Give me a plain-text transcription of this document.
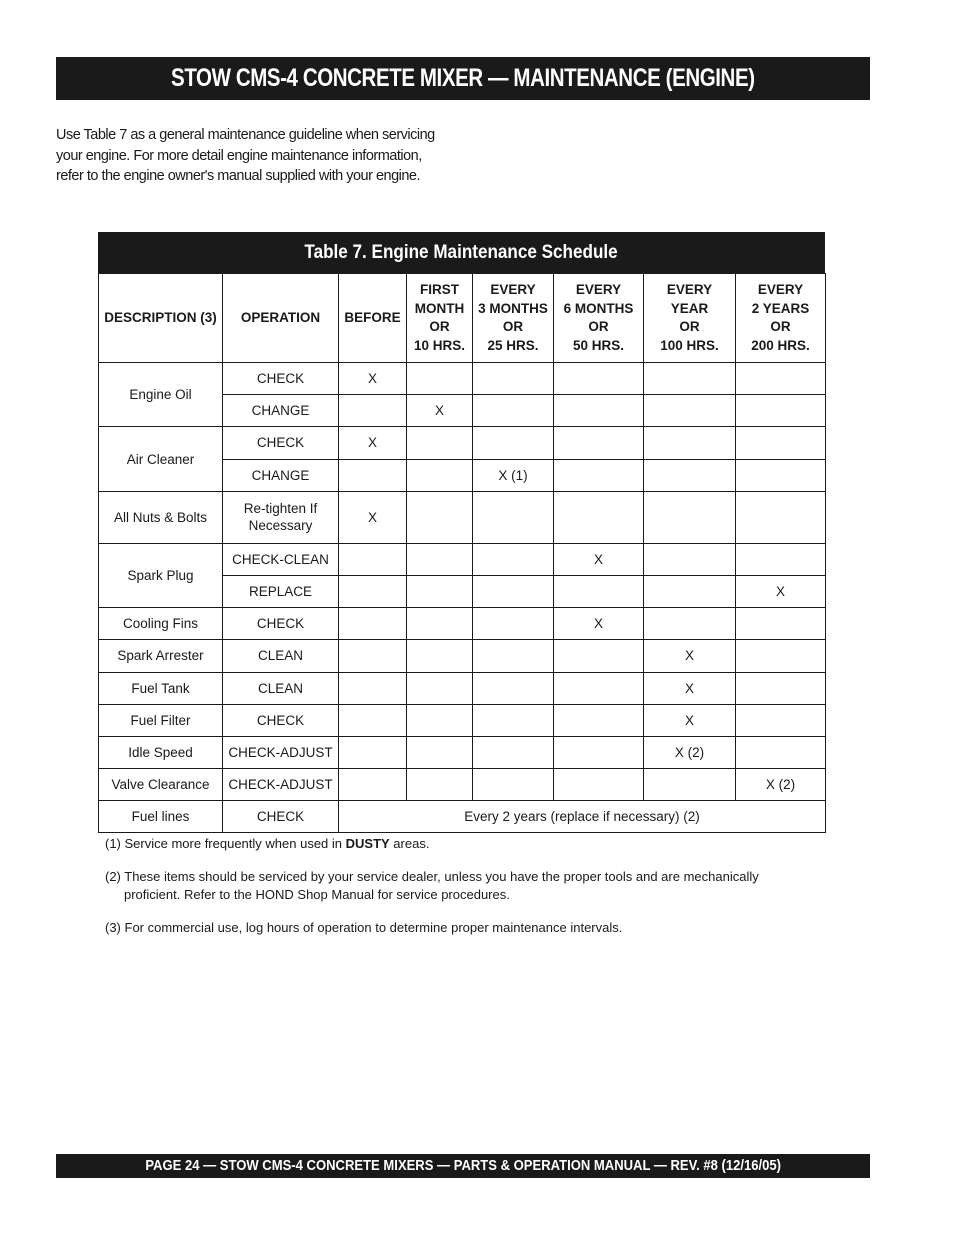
STOW CMS-4 CONCRETE MIXER — MAINTENANCE (ENGINE)
Use Table 7 as a general maintenance guideline when servicing
your engine. For more detail engine maintenance information,
refer to the engine owner's manual supplied with your engine.
Table 7. Engine Maintenance Schedule
DESCRIPTION (3)	OPERATION	BEFORE	FIRST
MONTH
OR
10 HRS.	EVERY
3 MONTHS
OR
25 HRS.	EVERY
6 MONTHS
OR
50 HRS.	EVERY
YEAR
OR
100 HRS.	EVERY
2 YEARS
OR
200 HRS.
Engine Oil	CHECK	X					
	CHANGE		X				
Air Cleaner	CHECK	X					
	CHANGE			X (1)			
All Nuts & Bolts	Re-tighten If
Necessary	X					
Spark Plug	CHECK-CLEAN				X		
	REPLACE						X
Cooling Fins	CHECK				X		
Spark Arrester	CLEAN					X	
Fuel Tank	CLEAN					X	
Fuel Filter	CHECK					X	
Idle Speed	CHECK-ADJUST					X (2)	
Valve Clearance	CHECK-ADJUST						X (2)
Fuel lines	CHECK	Every 2 years (replace if necessary) (2)					

(1) Service more frequently when used in DUSTY areas.

(2) These items should be serviced by your service dealer, unless you have the proper tools and are mechanically proficient. Refer to the HOND Shop Manual for service procedures.

(3) For commercial use, log hours of operation to determine proper maintenance intervals.

PAGE 24 — STOW CMS-4 CONCRETE MIXERS — PARTS & OPERATION MANUAL — REV. #8 (12/16/05)
